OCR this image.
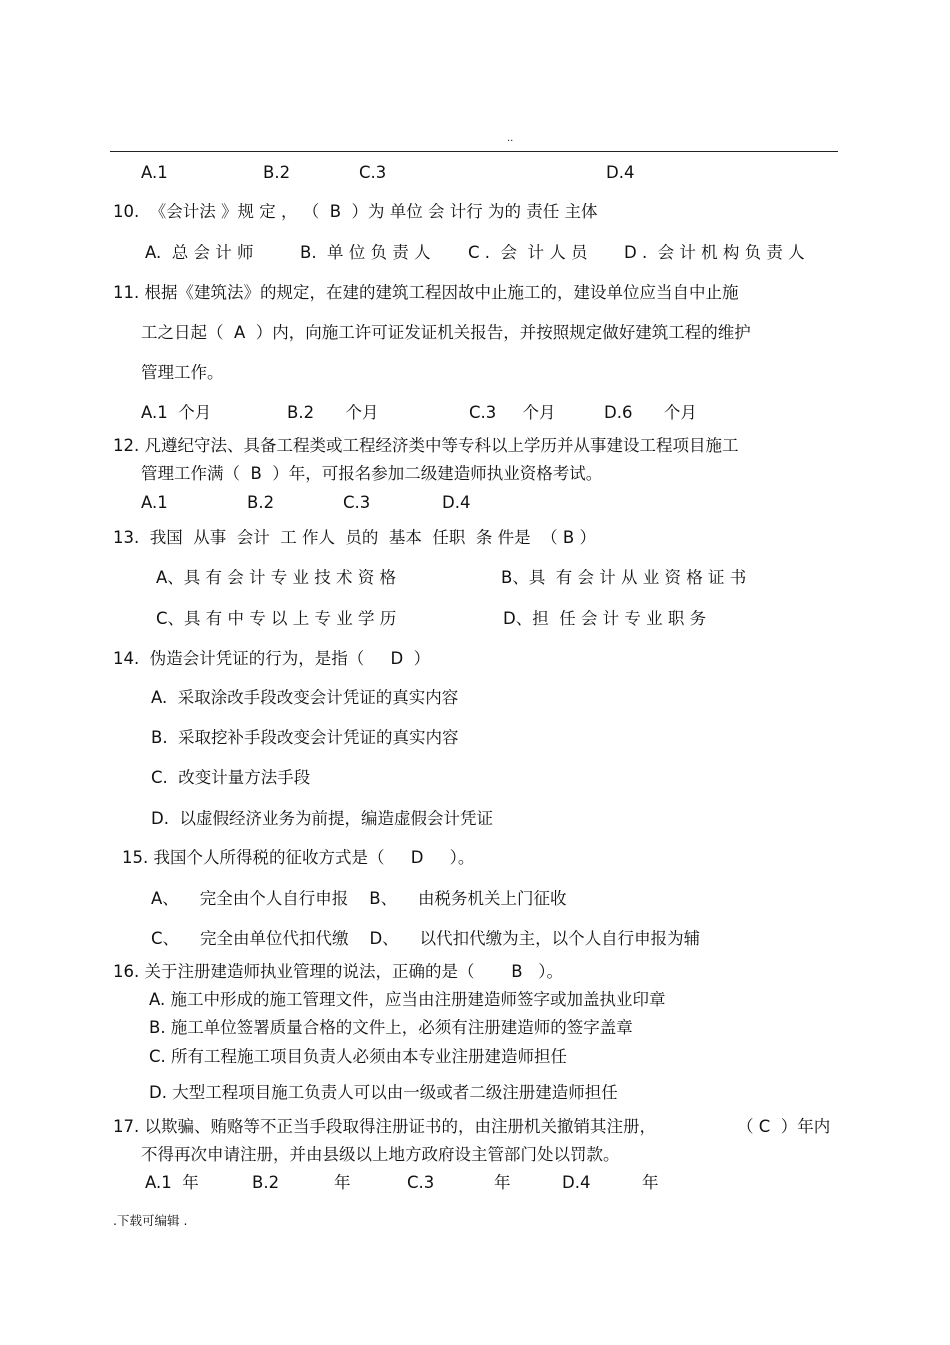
..
A.1	B.2	C.3	D.4
10.  《会计法 》规 定 ， （  B  ）为 单位 会 计行 为的 责任 主体
A.  总 会 计 师	B.  单 位 负 责 人 C .  会  计 人 员 D .  会 计 机 构 负 责 人
11. 根据《建筑法》的规定，在建的建筑工程因故中止施工的，建设单位应当自中止施
工之日起（  A  ）内，向施工许可证发证机关报告，并按照规定做好建筑工程的维护
管理工作。
A.1  个月	B.2      个月	C.3     个月	D.6      个月
12. 凡遵纪守法、具备工程类或工程经济类中等专科以上学历并从事建设工程项目施工
管理工作满（  B  ）年，可报名参加二级建造师执业资格考试。
A.1	B.2	C.3	D.4
13.  我国  从事  会计  工 作人  员的  基本  任职  条 件是  （ B ）
A、具 有 会 计 专 业 技 术 资 格	B、具  有 会 计 从 业 资 格 证 书
C、具 有 中 专 以 上 专 业 学 历	D、担  任 会 计 专 业 职 务
14.  伪造会计凭证的行为，是指（     D  ）
A.  采取涂改手段改变会计凭证的真实内容
B.  采取挖补手段改变会计凭证的真实内容
C.  改变计量方法手段
D.  以虚假经济业务为前提，编造虚假会计凭证
15. 我国个人所得税的征收方式是（     D     ）。
A、    完全由个人自行申报    B、    由税务机关上门征收
C、    完全由单位代扣代缴    D、    以代扣代缴为主，以个人自行申报为辅
16. 关于注册建造师执业管理的说法，正确的是（       B   ）。
A. 施工中形成的施工管理文件，应当由注册建造师签字或加盖执业印章
B. 施工单位签署质量合格的文件上，必须有注册建造师的签字盖章
C. 所有工程施工项目负责人必须由本专业注册建造师担任
D. 大型工程项目施工负责人可以由一级或者二级注册建造师担任
17. 以欺骗、贿赂等不正当手段取得注册证书的，由注册机关撤销其注册，	（ C  ）年内
不得再次申请注册，并由县级以上地方政府设主管部门处以罚款。
A.1  年	B.2	年	C.3	年	D.4	年
.下载可编辑 .
